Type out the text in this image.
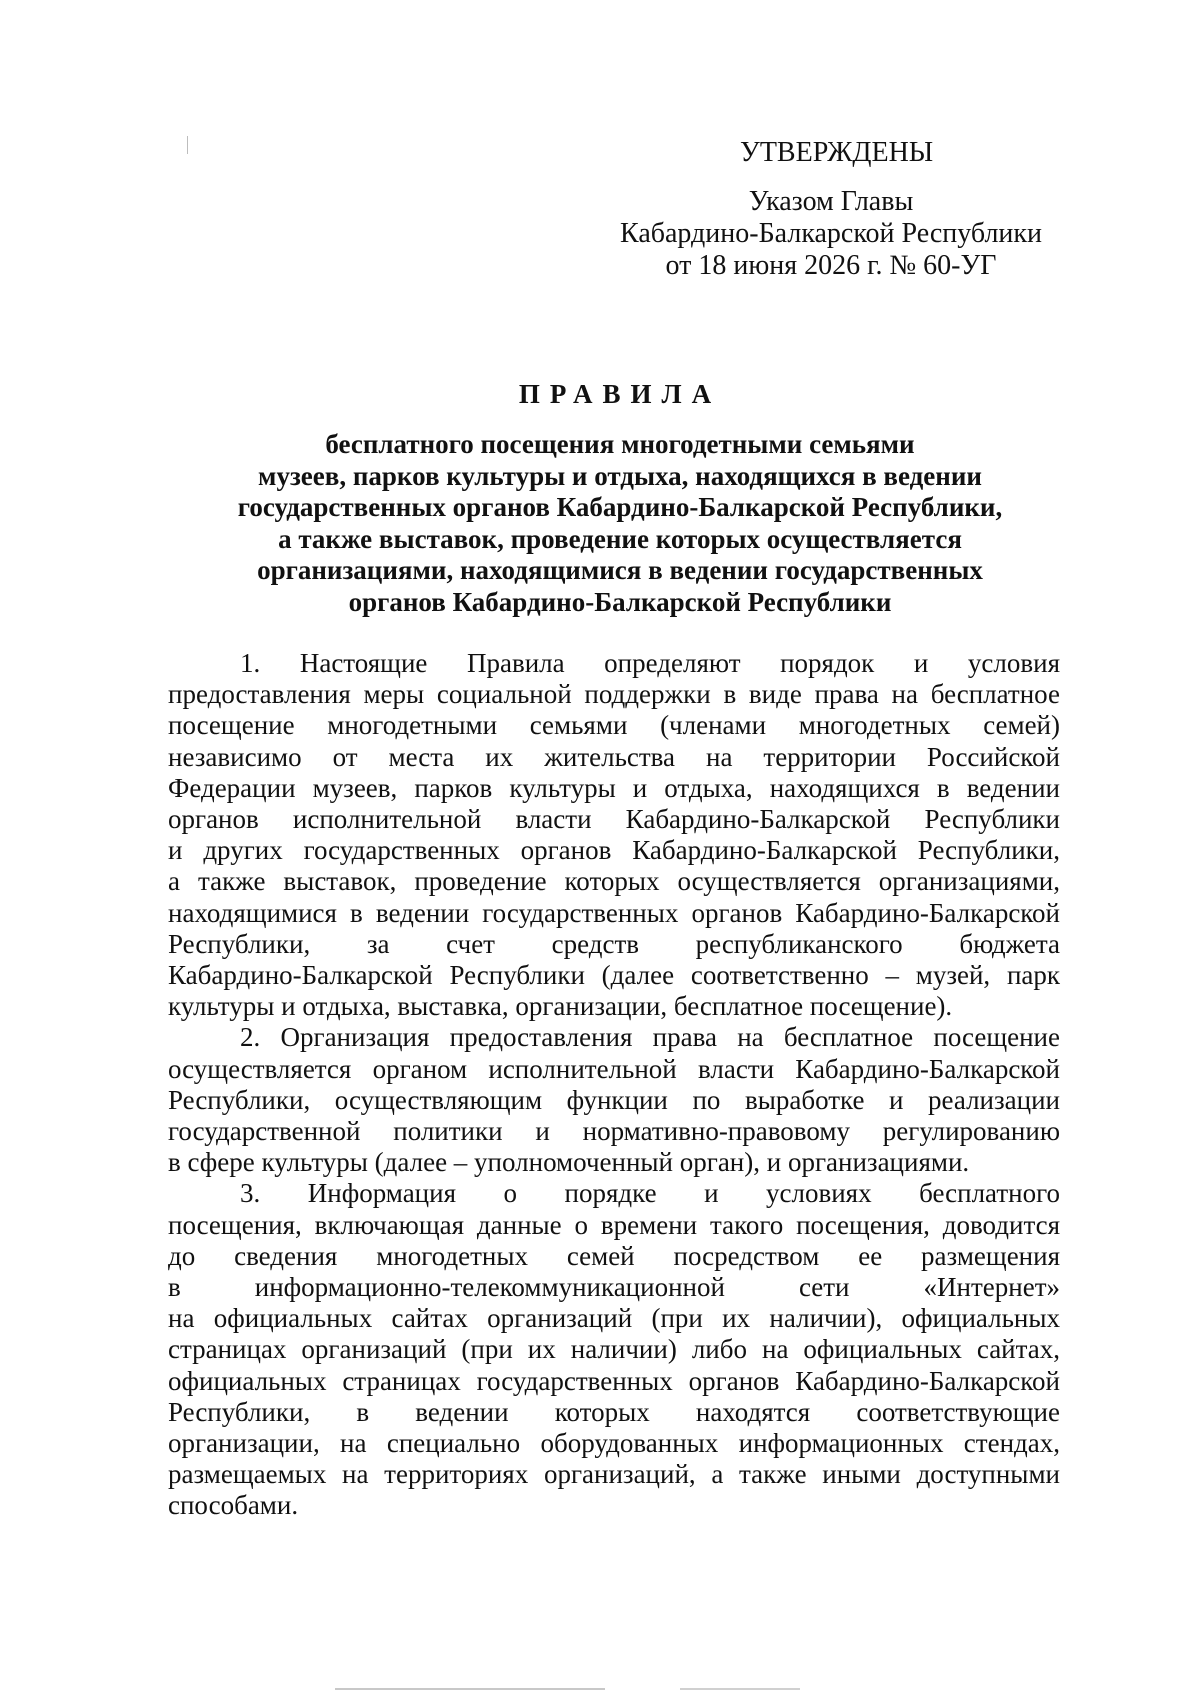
УТВЕРЖДЕНЫ
Указом Главы
Кабардино-Балкарской Республики
от 18 июня 2026 г. № 60-УГ
ПРАВИЛА
бесплатного посещения многодетными семьями
музеев, парков культуры и отдыха, находящихся в ведении
государственных органов Кабардино-Балкарской Республики,
а также выставок, проведение которых осуществляется
организациями, находящимися в ведении государственных
органов Кабардино-Балкарской Республики
1. Настоящие Правила определяют порядок и условия
предоставления меры социальной поддержки в виде права на бесплатное
посещение многодетными семьями (членами многодетных семей)
независимо от места их жительства на территории Российской
Федерации музеев, парков культуры и отдыха, находящихся в ведении
органов исполнительной власти Кабардино-Балкарской Республики
и других государственных органов Кабардино-Балкарской Республики,
а также выставок, проведение которых осуществляется организациями,
находящимися в ведении государственных органов Кабардино-Балкарской
Республики, за счет средств республиканского бюджета
Кабардино-Балкарской Республики (далее соответственно – музей, парк
культуры и отдыха, выставка, организации, бесплатное посещение).
2. Организация предоставления права на бесплатное посещение
осуществляется органом исполнительной власти Кабардино-Балкарской
Республики, осуществляющим функции по выработке и реализации
государственной политики и нормативно-правовому регулированию
в сфере культуры (далее – уполномоченный орган), и организациями.
3. Информация о порядке и условиях бесплатного
посещения, включающая данные о времени такого посещения, доводится
до сведения многодетных семей посредством ее размещения
в информационно-телекоммуникационной сети «Интернет»
на официальных сайтах организаций (при их наличии), официальных
страницах организаций (при их наличии) либо на официальных сайтах,
официальных страницах государственных органов Кабардино-Балкарской
Республики, в ведении которых находятся соответствующие
организации, на специально оборудованных информационных стендах,
размещаемых на территориях организаций, а также иными доступными
способами.
